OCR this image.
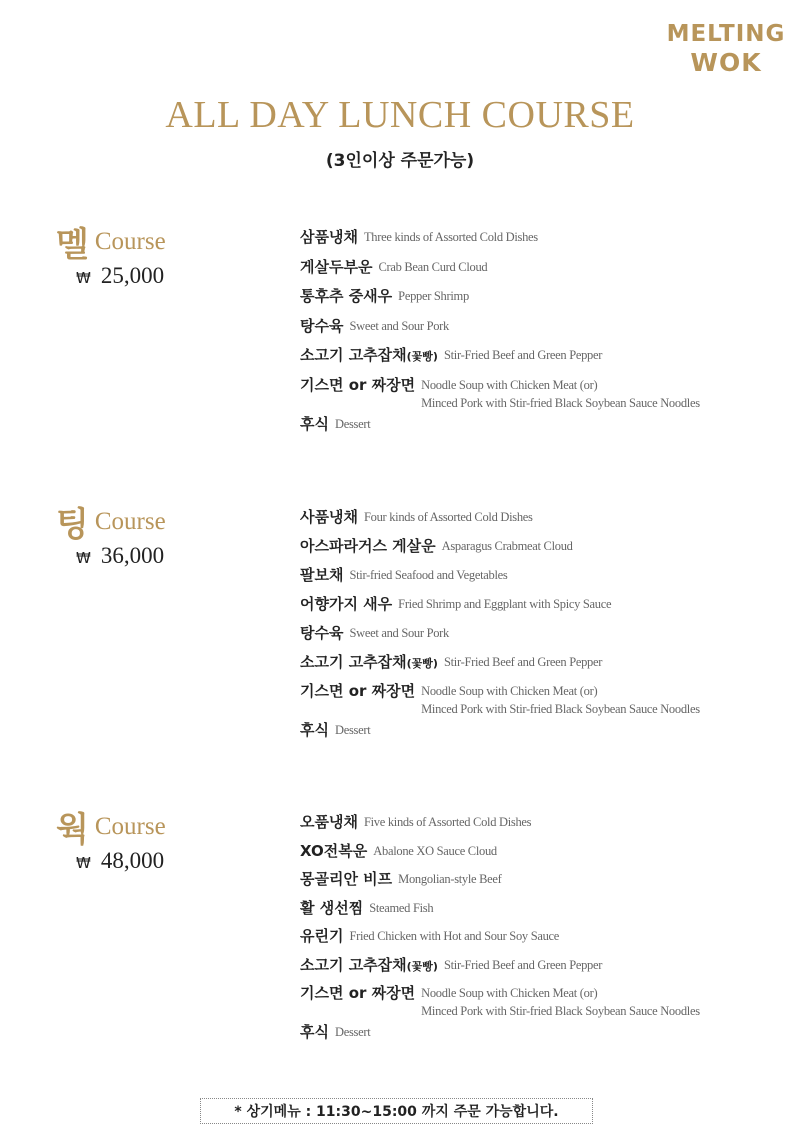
MELTING
WOK
ALL DAY LUNCH COURSE
(3인이상 주문가능)
멜 Course
₩ 25,000
삼품냉채 Three kinds of Assorted Cold Dishes
게살두부운 Crab Bean Curd Cloud
통후추 중새우 Pepper Shrimp
탕수육 Sweet and Sour Pork
소고기 고추잡채(꽃빵) Stir-Fried Beef and Green Pepper
기스면 or 짜장면 Noodle Soup with Chicken Meat (or)
Minced Pork with Stir-fried Black Soybean Sauce Noodles
후식 Dessert
팅 Course
₩ 36,000
사품냉채 Four kinds of Assorted Cold Dishes
아스파라거스 게살운 Asparagus Crabmeat Cloud
팔보채 Stir-fried Seafood and Vegetables
어향가지 새우 Fried Shrimp and Eggplant with Spicy Sauce
탕수육 Sweet and Sour Pork
소고기 고추잡채(꽃빵) Stir-Fried Beef and Green Pepper
기스면 or 짜장면 Noodle Soup with Chicken Meat (or)
Minced Pork with Stir-fried Black Soybean Sauce Noodles
후식 Dessert
웍 Course
₩ 48,000
오품냉채 Five kinds of Assorted Cold Dishes
XO전복운 Abalone XO Sauce Cloud
몽골리안 비프 Mongolian-style Beef
활 생선찜 Steamed Fish
유린기 Fried Chicken with Hot and Sour Soy Sauce
소고기 고추잡채(꽃빵) Stir-Fried Beef and Green Pepper
기스면 or 짜장면 Noodle Soup with Chicken Meat (or)
Minced Pork with Stir-fried Black Soybean Sauce Noodles
후식 Dessert
* 상기메뉴 : 11:30~15:00 까지 주문 가능합니다.
